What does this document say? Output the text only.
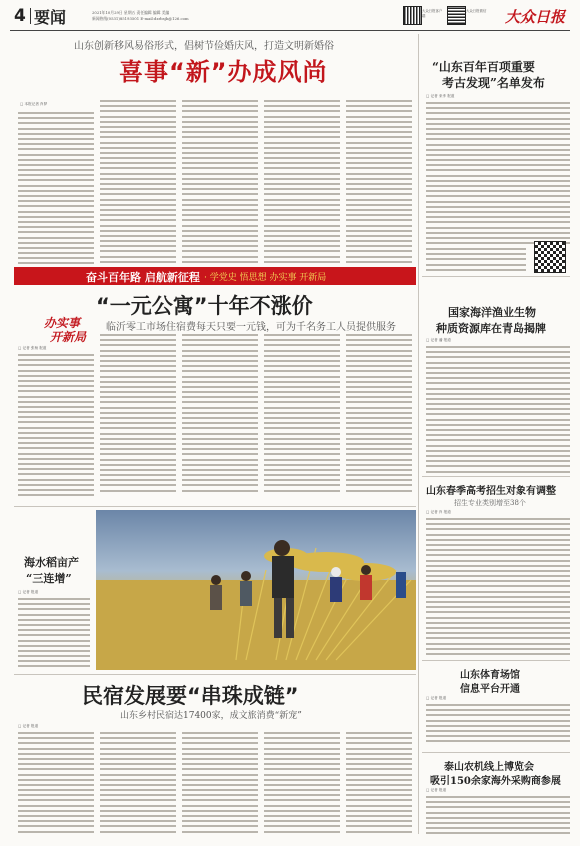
4 要闻	2021年10月29日 星期五 责任编辑 编辑 美编
新闻热线(0531)85193501 E-mail:dzrbsjb@126.com
大众日报客户端
大众日报微信 大众日报
山东创新移风易俗形式，倡树节俭婚庆风，打造文明新婚俗
喜事“新”办成风尚
□ 本报记者 肖梦
“山东百年百项重要
考古发现”名单发布
□ 记者 来孝 报道
奋斗百年路 启航新征程 · 学党史 悟思想 办实事 开新局
“一元公寓”十年不涨价
临沂零工市场住宿费每天只要一元钱，可为千名务工人员提供服务
办实事
开新局
□ 记者 张杨 报道
国家海洋渔业生物
种质资源库在青岛揭牌
□ 记者 潘 报道
山东春季高考招生对象有调整
招生专业类别增至38个
□ 记者 肖 报道
海水稻亩产
“三连增”
□ 记者 报道
山东体育场馆
信息平台开通
□ 记者 报道
民宿发展要“串珠成链”
山东乡村民宿达17400家，成文旅消费“新宠”
□ 记者 报道
泰山农机线上博览会
吸引150余家海外采购商参展
□ 记者 报道
